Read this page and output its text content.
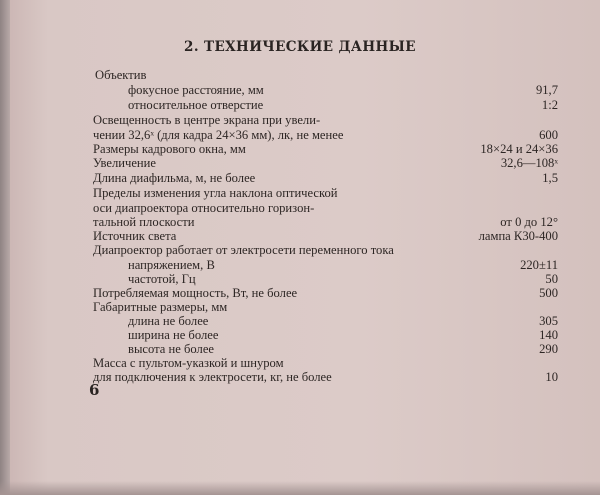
2. ТЕХНИЧЕСКИЕ ДАННЫЕ
Объектив
фокусное расстояние, мм	91,7
относительное отверстие	1:2
Освещенность в центре экрана при увели-
чении 32,6ˣ (для кадра 24×36 мм), лк, не менее	600
Размеры кадрового окна, мм	18×24 и 24×36
Увеличение	32,6—108ˣ
Длина диафильма, м, не более	1,5
Пределы изменения угла наклона оптической
оси диапроектора относительно горизон-
тальной плоскости	от 0 до 12°
Источник света	лампа К30-400
Диапроектор работает от электросети переменного тока
напряжением, В	220±11
частотой, Гц	50
Потребляемая мощность, Вт, не более	500
Габаритные размеры, мм
длина не более	305
ширина не более	140
высота не более	290
Масса с пультом-указкой и шнуром
для подключения к электросети, кг, не более	10
6
